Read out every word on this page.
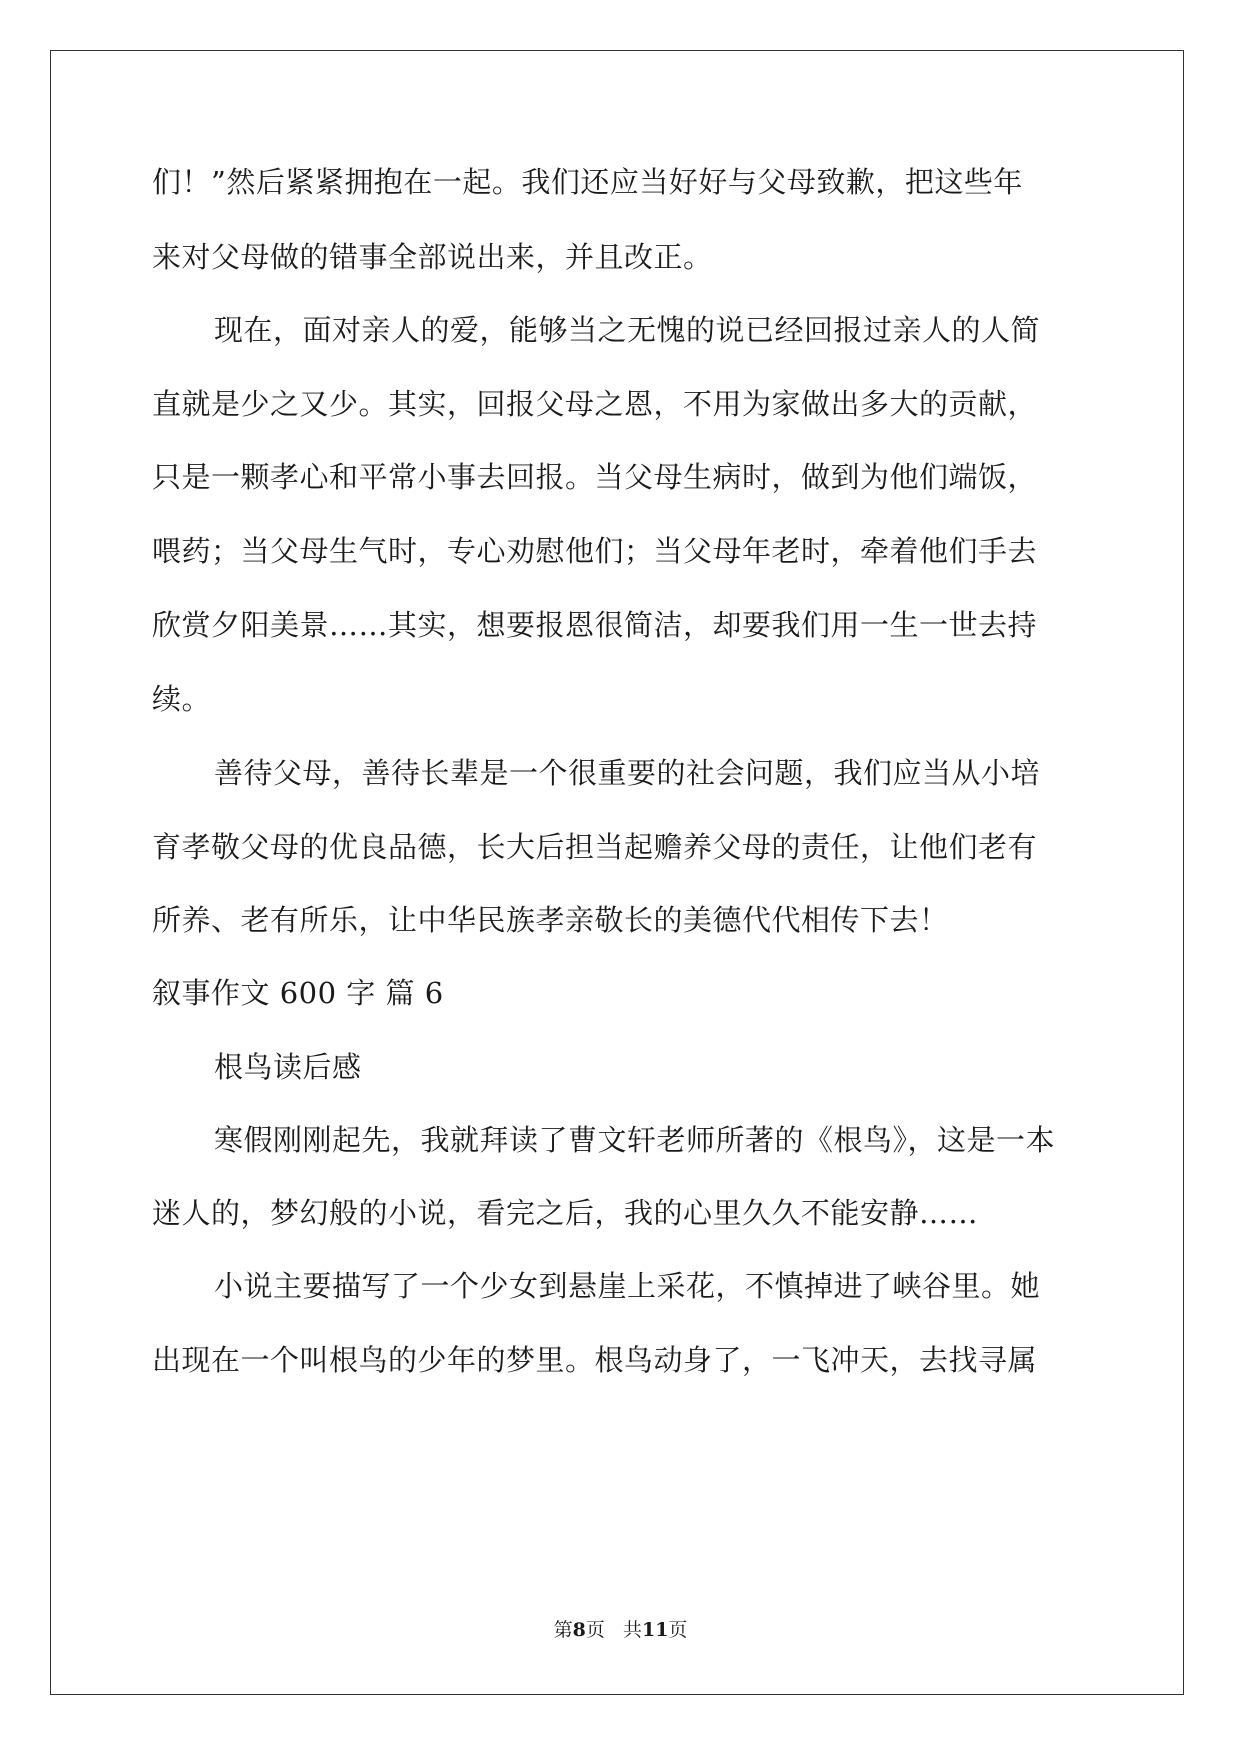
们！”然后紧紧拥抱在一起。我们还应当好好与父母致歉，把这些年
来对父母做的错事全部说出来，并且改正。
现在，面对亲人的爱，能够当之无愧的说已经回报过亲人的人简
直就是少之又少。其实，回报父母之恩，不用为家做出多大的贡献，
只是一颗孝心和平常小事去回报。当父母生病时，做到为他们端饭，
喂药；当父母生气时，专心劝慰他们；当父母年老时，牵着他们手去
欣赏夕阳美景……其实，想要报恩很简洁，却要我们用一生一世去持
续。
善待父母，善待长辈是一个很重要的社会问题，我们应当从小培
育孝敬父母的优良品德，长大后担当起赡养父母的责任，让他们老有
所养、老有所乐，让中华民族孝亲敬长的美德代代相传下去！
叙事作文 600 字 篇 6
根鸟读后感
寒假刚刚起先，我就拜读了曹文轩老师所著的《根鸟》，这是一本
迷人的，梦幻般的小说，看完之后，我的心里久久不能安静……
小说主要描写了一个少女到悬崖上采花，不慎掉进了峡谷里。她
出现在一个叫根鸟的少年的梦里。根鸟动身了，一飞冲天，去找寻属
第8页 共11页
